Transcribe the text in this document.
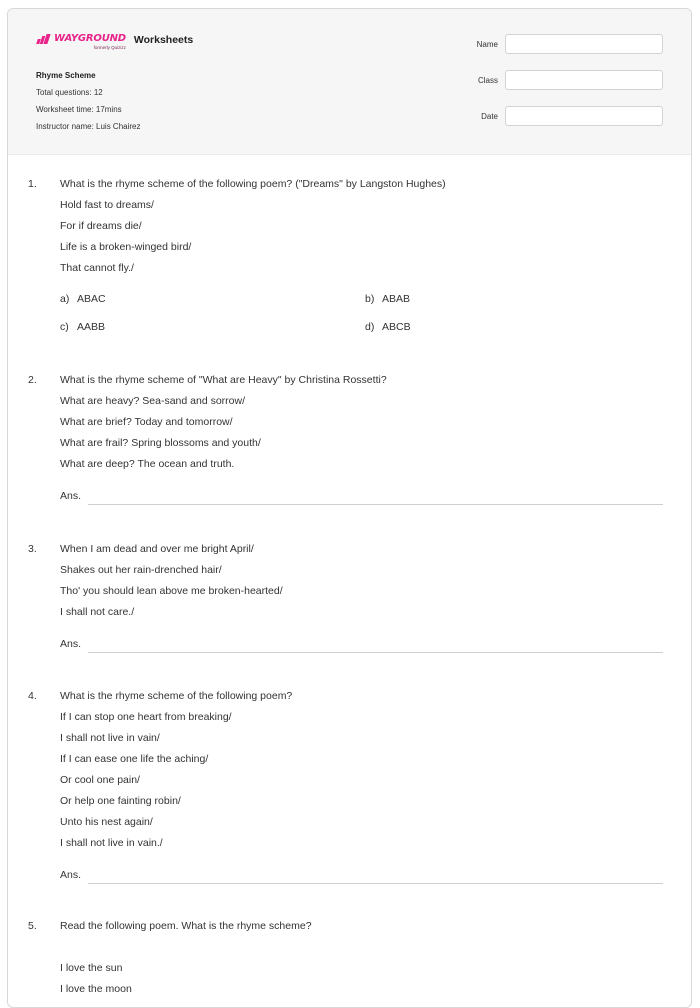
WAYGROUND
formerly Quizizz
Worksheets
Rhyme Scheme
Total questions: 12
Worksheet time: 17mins
Instructor name: Luis Chairez
Name
Class
Date
1. What is the rhyme scheme of the following poem? ("Dreams" by Langston Hughes)
Hold fast to dreams/
For if dreams die/
Life is a broken-winged bird/
That cannot fly./
a) ABAC	b) ABAB
c) AABB	d) ABCB
2. What is the rhyme scheme of "What are Heavy" by Christina Rossetti?
What are heavy? Sea-sand and sorrow/
What are brief? Today and tomorrow/
What are frail? Spring blossoms and youth/
What are deep? The ocean and truth.
Ans.
3. When I am dead and over me bright April/
Shakes out her rain-drenched hair/
Tho' you should lean above me broken-hearted/
I shall not care./
Ans.
4. What is the rhyme scheme of the following poem?
If I can stop one heart from breaking/
I shall not live in vain/
If I can ease one life the aching/
Or cool one pain/
Or help one fainting robin/
Unto his nest again/
I shall not live in vain./
Ans.
5. Read the following poem. What is the rhyme scheme?
I love the sun
I love the moon
